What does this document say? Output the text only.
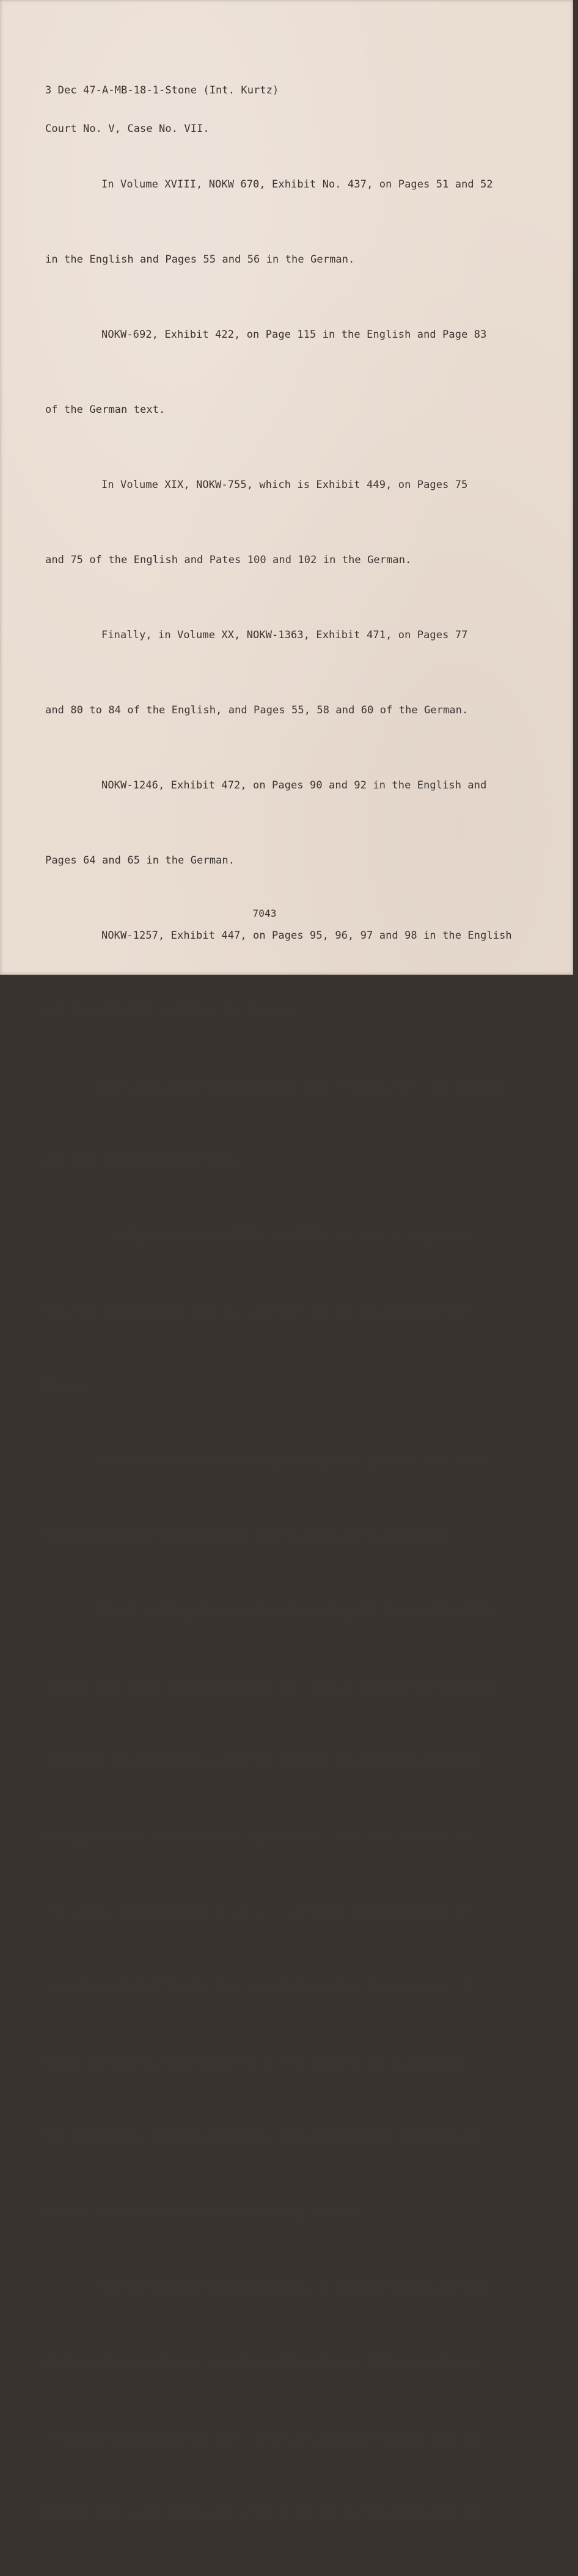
3 Dec 47-A-MB-18-1-Stone (Int. Kurtz)

Court No. V, Case No. VII.

In Volume XVIII, NOKW 670, Exhibit No. 437, on Pages 51 and 52

in the English and Pages 55 and 56 in the German.

NOKW-692, Exhibit 422, on Page 115 in the English and Page 83

of the German text.

In Volume XIX, NOKW-755, which is Exhibit 449, on Pages 75

and 75 of the English and Pates 100 and 102 in the German.

Finally, in Volume XX, NOKW-1363, Exhibit 471, on Pages 77

and 80 to 84 of the English, and Pages 55, 58 and 60 of the German.

NOKW-1246, Exhibit 472, on Pages 90 and 92 in the English and

Pages 64 and 65 in the German.

NOKW-1257, Exhibit 447, on Pages 95, 96, 97 and 98 in the English

and Pages 67, 68, and 69 in the German.

NOKW-1555, which is Exhibit No. 475, on Page 103 of the English

and Page 73 of the German text.

Finally, NOKW-1402, which is Exhibit No. 476, on Pages 110,

112, 114 to 116 in the English, and Pages 78, 79, 80, and 81 of the

German.

Now, General, before I ask you to give us your own version of

the Kalavrita Operation I should like to submit a few documents.

First, in Felmy Document Book V, on Page 39, Document No. 101.

This is offered as Felmy Exhibit No. 42.  This is an order for the move-

ments and the combing out within the scope of the Wytina Operation on

29 August 1943.  The date is 26 August 1943.  This order comes from

the 117th Light Infantry Division.  I shall not read the details of

this document, but I would like briefly to analyze its contents.  It

shows, on Page 40, that Kalavrita is an old centre of the bands in

the Peloponnes.  As early as August, 1943, a mopping-up operation was

started there, but it did not lead to any success.

On Page 46 there is an enclosure.  I beg your pardon; on Page

43 there is an enclosure, and it is called, "Enemy Information Paper

for North and West Peloponnes."  From this Enemy Information Paper it

becomes clear, and I draw particular attention in this connection to

7043
